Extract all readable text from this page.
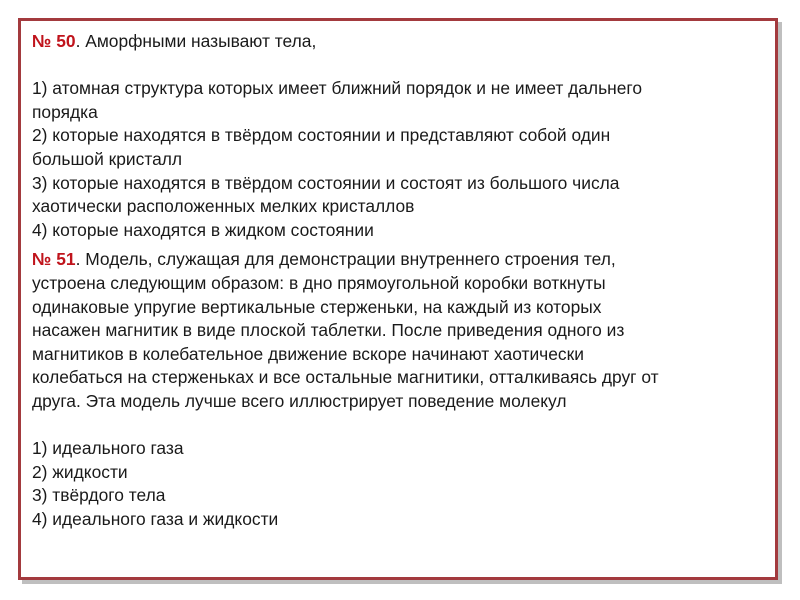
№ 50. Аморфными называют тела,
1) атомная структура которых имеет ближний порядок и не имеет дальнего
порядка
2) которые находятся в твёрдом состоянии и представляют собой один
большой кристалл
3) которые находятся в твёрдом состоянии и состоят из большого числа
хаотически расположенных мелких кристаллов
4) которые находятся в жидком состоянии
№ 51. Модель, служащая для демонстрации внутреннего строения тел,
устроена следующим образом: в дно прямоугольной коробки воткнуты
одинаковые упругие вертикальные стерженьки, на каждый из которых
насажен магнитик в виде плоской таблетки. После приведения одного из
магнитиков в колебательное движение вскоре начинают хаотически
колебаться на стерженьках и все остальные магнитики, отталкиваясь друг от
друга. Эта модель лучше всего иллюстрирует поведение молекул
1) идеального газа
2) жидкости
3) твёрдого тела
4) идеального газа и жидкости
